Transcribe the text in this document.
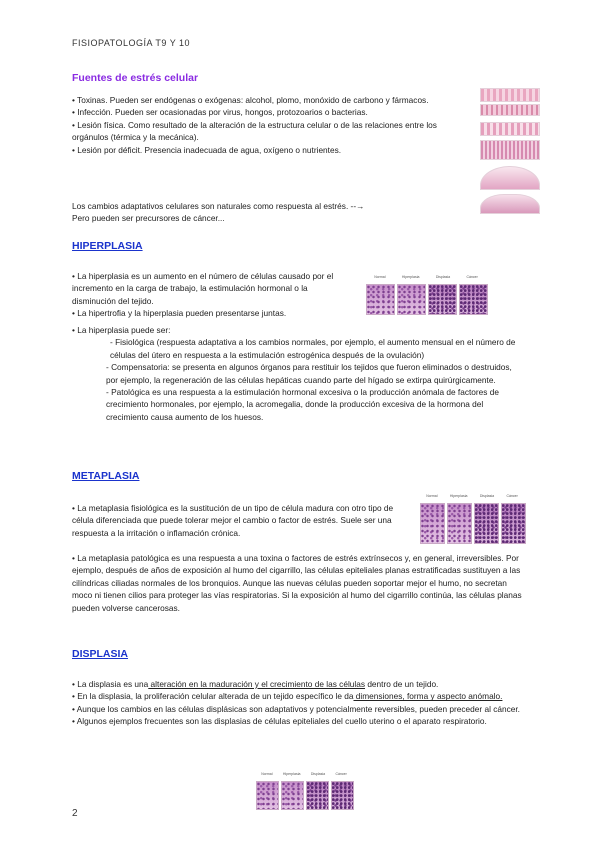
FISIOPATOLOGÍA T9 Y 10
Fuentes de estrés celular

• Toxinas. Pueden ser endógenas o exógenas: alcohol, plomo, monóxido de carbono y fármacos.

• Infección. Pueden ser ocasionadas por virus, hongos, protozoarios o bacterias.

• Lesión física. Como resultado de la alteración de la estructura celular o de las relaciones entre los orgánulos (térmica y la mecánica).

• Lesión por déficit. Presencia inadecuada de agua, oxígeno o nutrientes.

Los cambios adaptativos celulares son naturales como respuesta al estrés. --→

Pero pueden ser precursores de cáncer...

HIPERPLASIA

• La hiperplasia es un aumento en el número de células causado por el incremento en la carga de trabajo, la estimulación hormonal o la disminución del tejido.

• La hipertrofia y la hiperplasia pueden presentarse juntas.

• La hiperplasia puede ser:

- Fisiológica (respuesta adaptativa a los cambios normales, por ejemplo, el aumento mensual en el número de células del útero en respuesta a la estimulación estrogénica después de la ovulación)

- Compensatoria: se presenta en algunos órganos para restituir los tejidos que fueron eliminados o destruidos, por ejemplo, la regeneración de las células hepáticas cuando parte del hígado se extirpa quirúrgicamente.

- Patológica es una respuesta a la estimulación hormonal excesiva o la producción anómala de factores de crecimiento hormonales, por ejemplo, la acromegalia, donde la producción excesiva de la hormona del crecimiento causa aumento de los huesos.

Normal	Hiperplasia	Displasia	Cáncer
METAPLASIA

• La metaplasia fisiológica es la sustitución de un tipo de célula madura con otro tipo de célula diferenciada que puede tolerar mejor el cambio o factor de estrés. Suele ser una respuesta a la irritación o inflamación crónica.

• La metaplasia patológica es una respuesta a una toxina o factores de estrés extrínsecos y, en general, irreversibles. Por ejemplo, después de años de exposición al humo del cigarrillo, las células epiteliales planas estratificadas sustituyen a las cilíndricas ciliadas normales de los bronquios. Aunque las nuevas células pueden soportar mejor el humo, no secretan moco ni tienen cilios para proteger las vías respiratorias. Si la exposición al humo del cigarrillo continúa, las células planas pueden volverse cancerosas.

Normal	Hiperplasia	Displasia	Cáncer
DISPLASIA

• La displasia es una alteración en la maduración y el crecimiento de las células dentro de un tejido.

• En la displasia, la proliferación celular alterada de un tejido específico le da dimensiones, forma y aspecto anómalo.

• Aunque los cambios en las células displásicas son adaptativos y potencialmente reversibles, pueden preceder al cáncer.

• Algunos ejemplos frecuentes son las displasias de células epiteliales del cuello uterino o el aparato respiratorio.

Normal	Hiperplasia	Displasia	Cáncer
2
